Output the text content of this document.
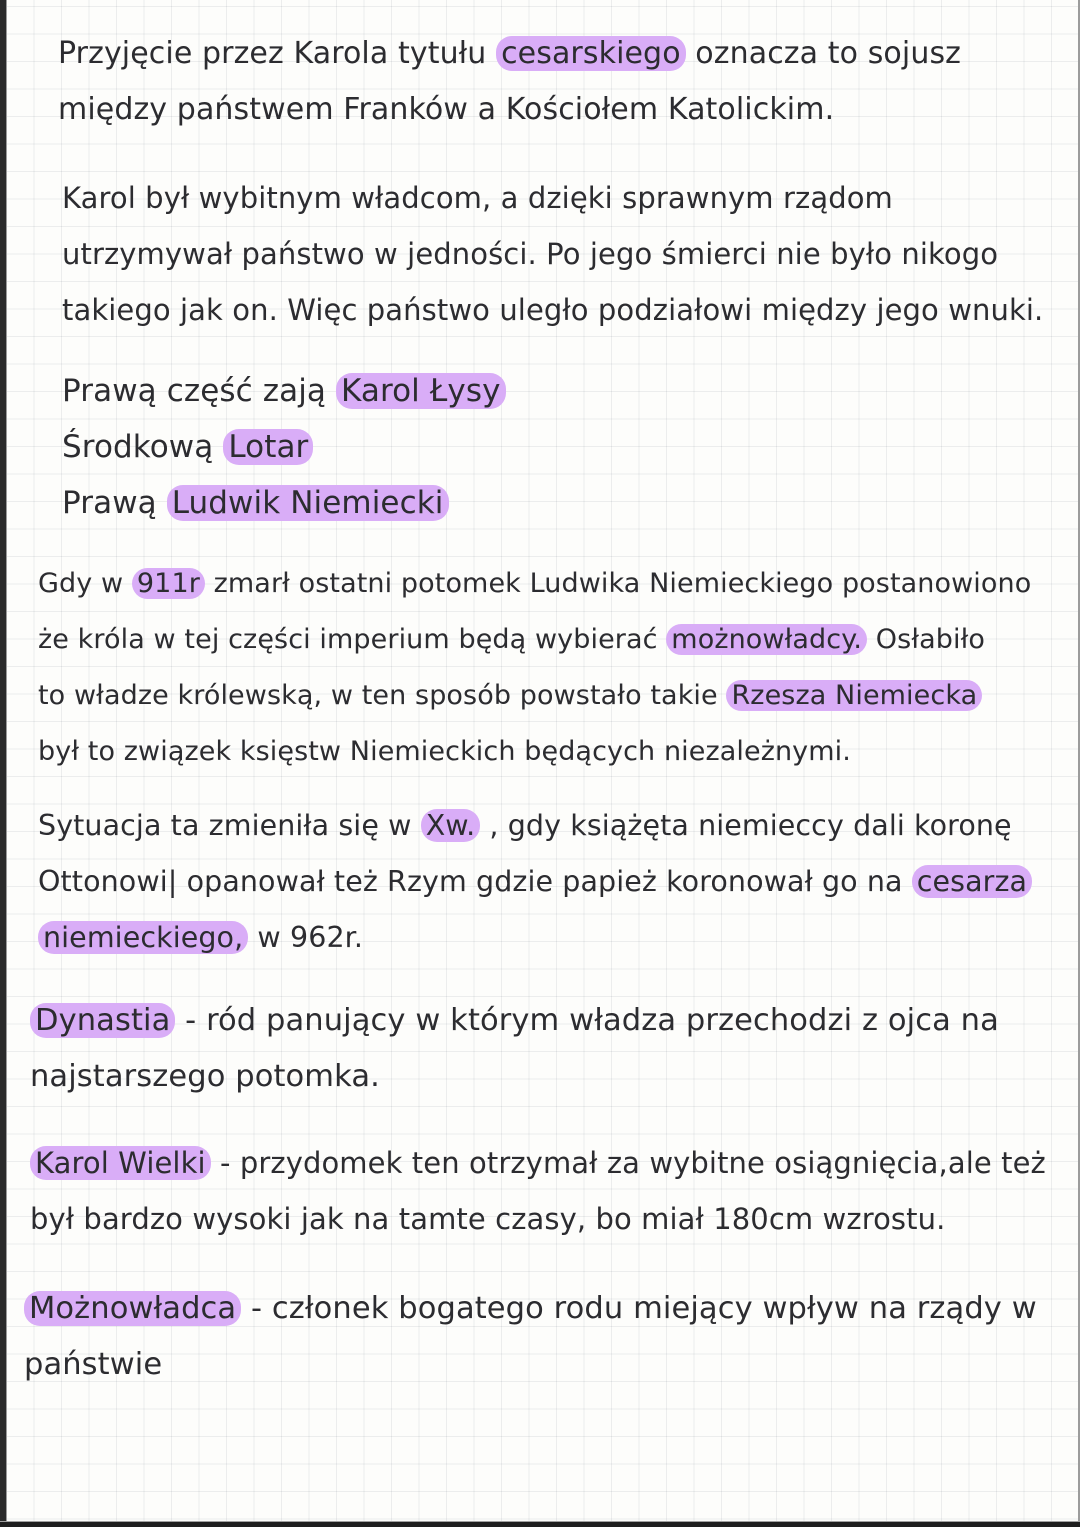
Przyjęcie przez Karola tytułu cesarskiego oznacza to sojusz
między państwem Franków a Kościołem Katolickim.

Karol był wybitnym władcom, a dzięki sprawnym rządom
utrzymywał państwo w jedności. Po jego śmierci nie było nikogo
takiego jak on. Więc państwo uległo podziałowi między jego wnuki.

Prawą część zają Karol Łysy
Środkową Lotar
Prawą Ludwik Niemiecki

Gdy w 911r zmarł ostatni potomek Ludwika Niemieckiego postanowiono
że króla w tej części imperium będą wybierać możnowładcy. Osłabiło
to władze królewską, w ten sposób powstało takie Rzesza Niemiecka
był to związek księstw Niemieckich będących niezależnymi.

Sytuacja ta zmieniła się w Xw. , gdy książęta niemieccy dali koronę
Ottonowi| opanował też Rzym gdzie papież koronował go na cesarza
niemieckiego, w 962r.

Dynastia - ród panujący w którym władza przechodzi z ojca na
najstarszego potomka.

Karol Wielki - przydomek ten otrzymał za wybitne osiągnięcia,ale też
był bardzo wysoki jak na tamte czasy, bo miał 180cm wzrostu.

Możnowładca - członek bogatego rodu miejący wpływ na rządy w
państwie
